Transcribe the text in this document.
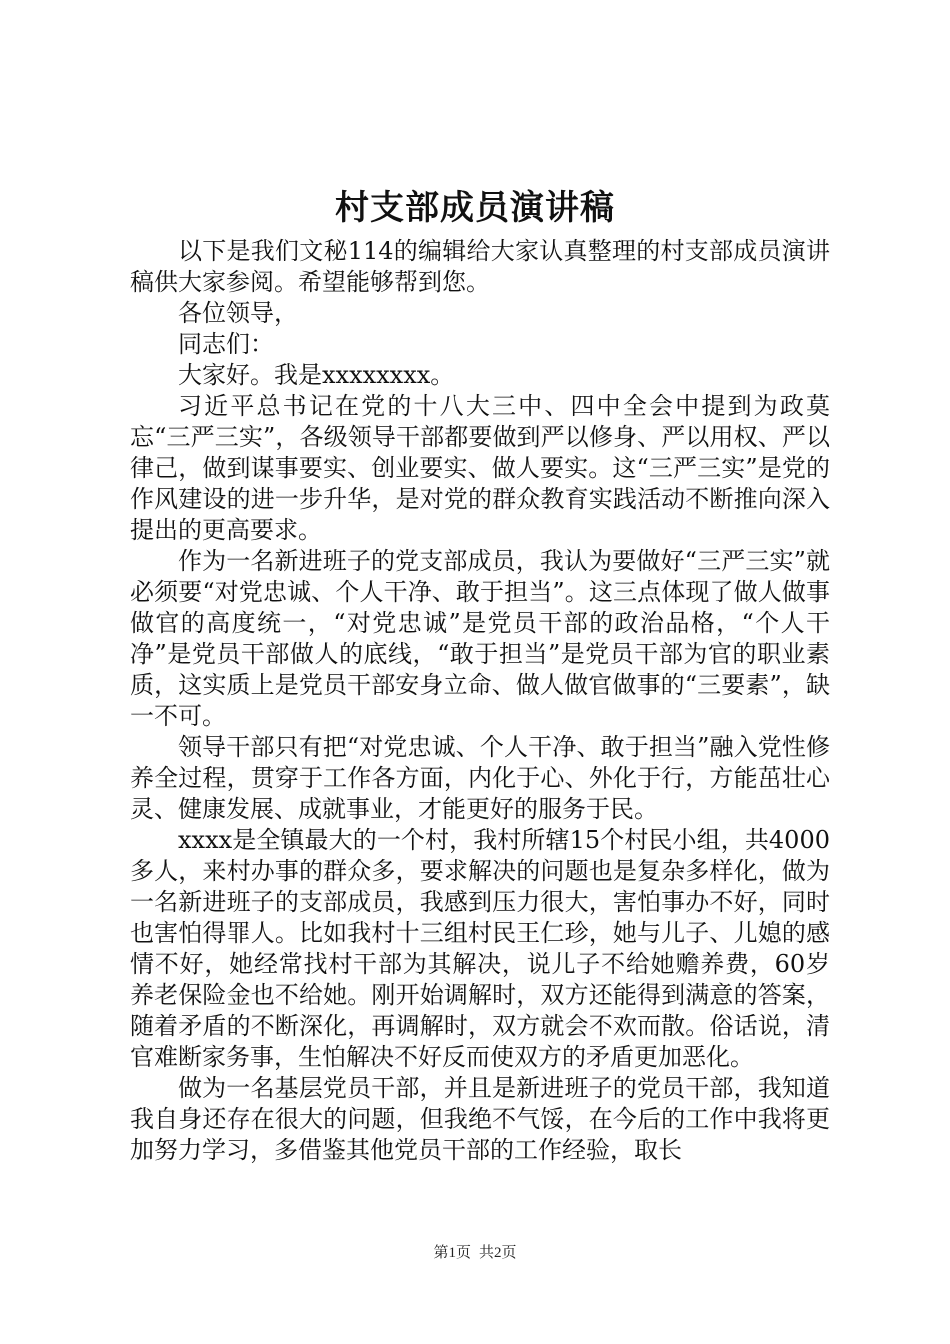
村支部成员演讲稿

以下是我们文秘114的编辑给大家认真整理的村支部成员演讲稿供大家参阅。希望能够帮到您。

各位领导，

同志们：

大家好。我是xxxxxxxx。

习近平总书记在党的十八大三中、四中全会中提到为政莫忘“三严三实”，各级领导干部都要做到严以修身、严以用权、严以律己，做到谋事要实、创业要实、做人要实。这“三严三实”是党的作风建设的进一步升华，是对党的群众教育实践活动不断推向深入提出的更高要求。

作为一名新进班子的党支部成员，我认为要做好“三严三实”就必须要“对党忠诚、个人干净、敢于担当”。这三点体现了做人做事做官的高度统一，“对党忠诚”是党员干部的政治品格，“个人干净”是党员干部做人的底线，“敢于担当”是党员干部为官的职业素质，这实质上是党员干部安身立命、做人做官做事的“三要素”，缺一不可。

领导干部只有把“对党忠诚、个人干净、敢于担当”融入党性修养全过程，贯穿于工作各方面，内化于心、外化于行，方能茁壮心灵、健康发展、成就事业，才能更好的服务于民。

xxxx是全镇最大的一个村，我村所辖15个村民小组，共4000多人，来村办事的群众多，要求解决的问题也是复杂多样化，做为一名新进班子的支部成员，我感到压力很大，害怕事办不好，同时也害怕得罪人。比如我村十三组村民王仁珍，她与儿子、儿媳的感情不好，她经常找村干部为其解决，说儿子不给她赡养费，60岁养老保险金也不给她。刚开始调解时，双方还能得到满意的答案，随着矛盾的不断深化，再调解时，双方就会不欢而散。俗话说，清官难断家务事，生怕解决不好反而使双方的矛盾更加恶化。

做为一名基层党员干部，并且是新进班子的党员干部，我知道我自身还存在很大的问题，但我绝不气馁，在今后的工作中我将更加努力学习，多借鉴其他党员干部的工作经验，取长

第1页 共2页
